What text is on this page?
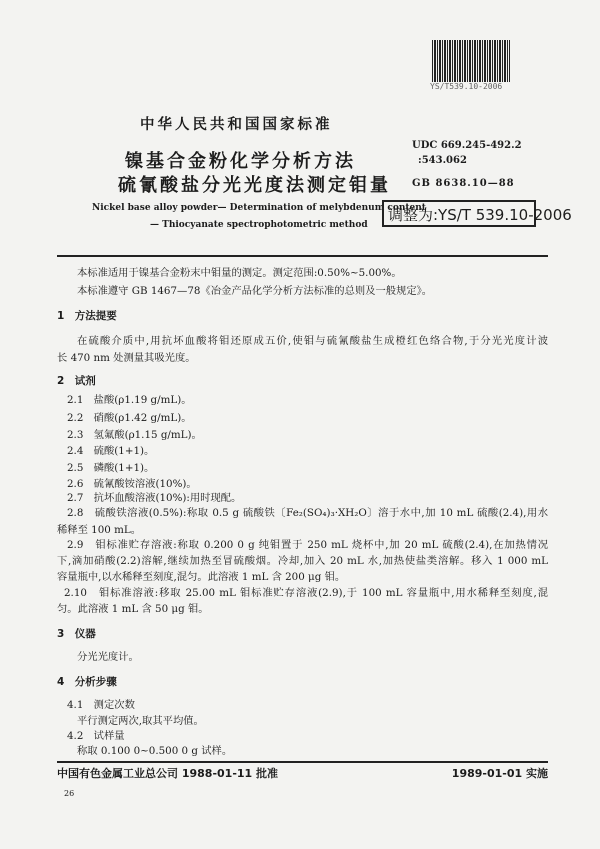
YS/T539.10-2006
中华人民共和国国家标准
镍基合金粉化学分析方法
硫氰酸盐分光光度法测定钼量
UDC 669.245-492.2
:543.062
GB 8638.10—88
Nickel base alloy powder— Determination of melybdenum content
— Thiocyanate spectrophotometric method
调整为:YS/T 539.10-2006
本标准适用于镍基合金粉末中钼量的测定。测定范围:0.50%~5.00%。
本标准遵守 GB 1467—78《冶金产品化学分析方法标准的总则及一般规定》。
1　方法提要
在硫酸介质中,用抗坏血酸将钼还原成五价,使钼与硫氰酸盐生成橙红色络合物,于分光光度计波
长 470 nm 处测量其吸光度。
2　试剂
2.1　盐酸(ρ1.19 g/mL)。
2.2　硝酸(ρ1.42 g/mL)。
2.3　氢氟酸(ρ1.15 g/mL)。
2.4　硫酸(1+1)。
2.5　磷酸(1+1)。
2.6　硫氰酸铵溶液(10%)。
2.7　抗坏血酸溶液(10%):用时现配。
2.8　硫酸铁溶液(0.5%):称取 0.5 g 硫酸铁〔Fe₂(SO₄)₃·XH₂O〕溶于水中,加 10 mL 硫酸(2.4),用水
稀释至 100 mL。
2.9　钼标准贮存溶液:称取 0.200 0 g 纯钼置于 250 mL 烧杯中,加 20 mL 硫酸(2.4),在加热情况
下,滴加硝酸(2.2)溶解,继续加热至冒硫酸烟。冷却,加入 20 mL 水,加热使盐类溶解。移入 1 000 mL
容量瓶中,以水稀释至刻度,混匀。此溶液 1 mL 含 200 μg 钼。
2.10　钼标准溶液:移取 25.00 mL 钼标准贮存溶液(2.9),于 100 mL 容量瓶中,用水稀释至刻度,混
匀。此溶液 1 mL 含 50 μg 钼。
3　仪器
分光光度计。
4　分析步骤
4.1　测定次数
平行测定两次,取其平均值。
4.2　试样量
称取 0.100 0~0.500 0 g 试样。
中国有色金属工业总公司 1988-01-11 批准	1989-01-01 实施
26
